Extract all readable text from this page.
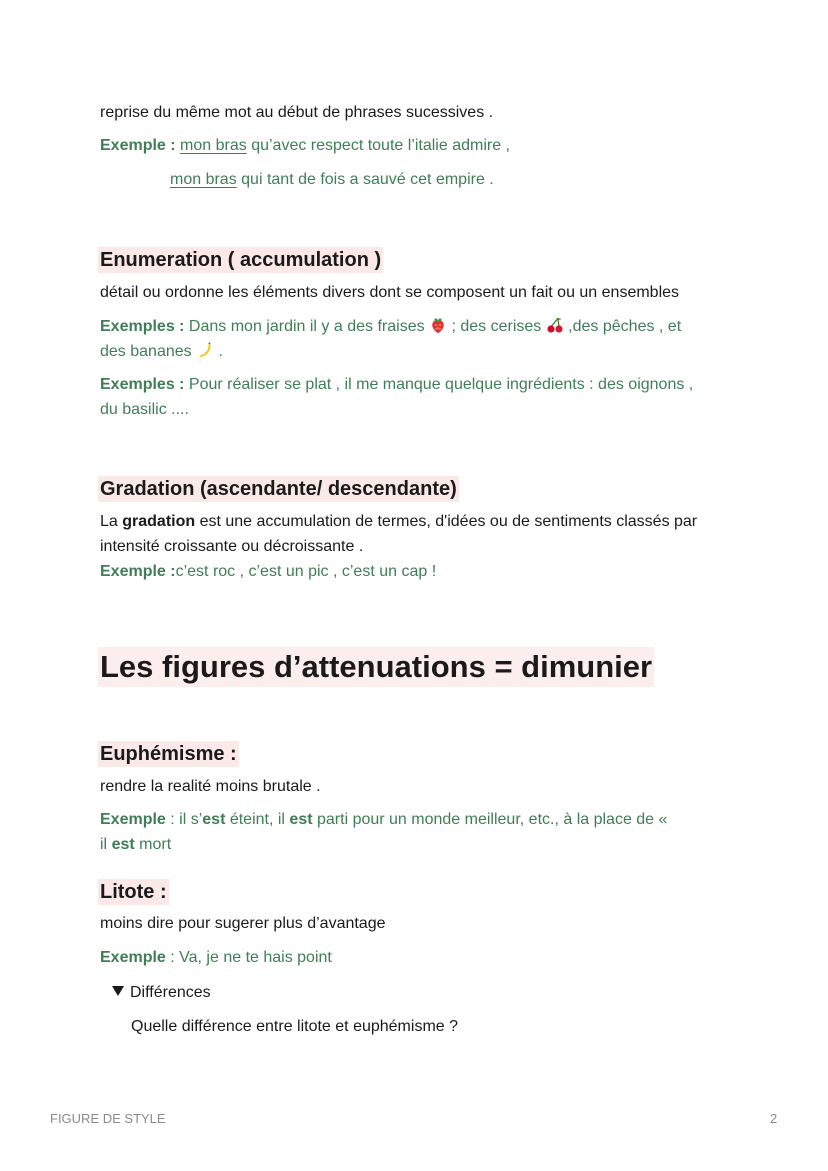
reprise du même mot au début de phrases sucessives .
Exemple : mon bras qu’avec respect toute l’italie admire ,
mon bras qui tant de fois a sauvé cet empire .
Enumeration ( accumulation )
détail ou ordonne les éléments divers dont se composent un fait ou un ensembles
Exemples : Dans mon jardin il y a des fraises  ; des cerises  ,des pêches , et
des bananes  .
Exemples : Pour réaliser se plat , il me manque quelque ingrédients : des oignons ,
du basilic ....
Gradation (ascendante/ descendante)
La gradation est une accumulation de termes, d'idées ou de sentiments classés par
intensité croissante ou décroissante .
Exemple :c’est roc , c’est un pic , c’est un cap !
Les figures d’attenuations = dimunier
Euphémisme :
rendre la realité moins brutale .
Exemple : il s’est éteint, il est parti pour un monde meilleur, etc., à la place de «
il est mort
Litote :
moins dire pour sugerer plus d’avantage
Exemple : Va, je ne te hais point
Différences
Quelle différence entre litote et euphémisme ?
FIGURE DE STYLE	2
